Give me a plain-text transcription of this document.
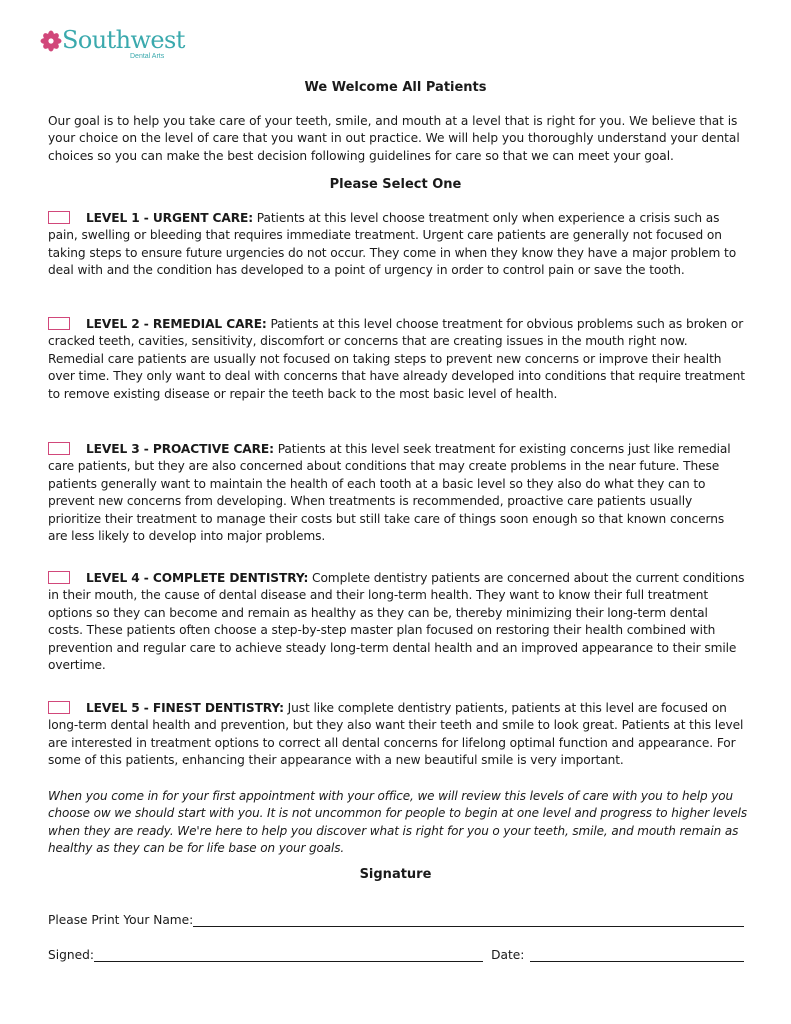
Southwest
Dental Arts
We Welcome All Patients

Our goal is to help you take care of your teeth, smile, and mouth at a level that is right for you. We believe that is your choice on the level of care that you want in out practice. We will help you thoroughly understand your dental choices so you can make the best decision following guidelines for care so that we can meet your goal.

Please Select One

LEVEL 1 - URGENT CARE: Patients at this level choose treatment only when experience a crisis such as pain, swelling or bleeding that requires immediate treatment. Urgent care patients are generally not focused on taking steps to ensure future urgencies do not occur. They come in when they know they have a major problem to deal with and the condition has developed to a point of urgency in order to control pain or save the tooth.

LEVEL 2 - REMEDIAL CARE: Patients at this level choose treatment for obvious problems such as broken or cracked teeth, cavities, sensitivity, discomfort or concerns that are creating issues in the mouth right now. Remedial care patients are usually not focused on taking steps to prevent new concerns or improve their health over time. They only want to deal with concerns that have already developed into conditions that require treatment to remove existing disease or repair the teeth back to the most basic level of health.

LEVEL 3 - PROACTIVE CARE: Patients at this level seek treatment for existing concerns just like remedial care patients, but they are also concerned about conditions that may create problems in the near future. These patients generally want to maintain the health of each tooth at a basic level so they also do what they can to prevent new concerns from developing. When treatments is recommended, proactive care patients usually prioritize their treatment to manage their costs but still take care of things soon enough so that known concerns are less likely to develop into major problems.

LEVEL 4 - COMPLETE DENTISTRY: Complete dentistry patients are concerned about the current conditions in their mouth, the cause of dental disease and their long-term health. They want to know their full treatment options so they can become and remain as healthy as they can be, thereby minimizing their long-term dental costs. These patients often choose a step-by-step master plan focused on restoring their health combined with prevention and regular care to achieve steady long-term dental health and an improved appearance to their smile overtime.

LEVEL 5 - FINEST DENTISTRY: Just like complete dentistry patients, patients at this level are focused on long-term dental health and prevention, but they also want their teeth and smile to look great. Patients at this level are interested in treatment options to correct all dental concerns for lifelong optimal function and appearance. For some of this patients, enhancing their appearance with a new beautiful smile is very important.

When you come in for your first appointment with your office, we will review this levels of care with you to help you choose ow we should start with you. It is not uncommon for people to begin at one level and progress to higher levels when they are ready. We're here to help you discover what is right for you o your teeth, smile, and mouth remain as healthy as they can be for life base on your goals.

Signature
Please Print Your Name:
Signed:	Date:
